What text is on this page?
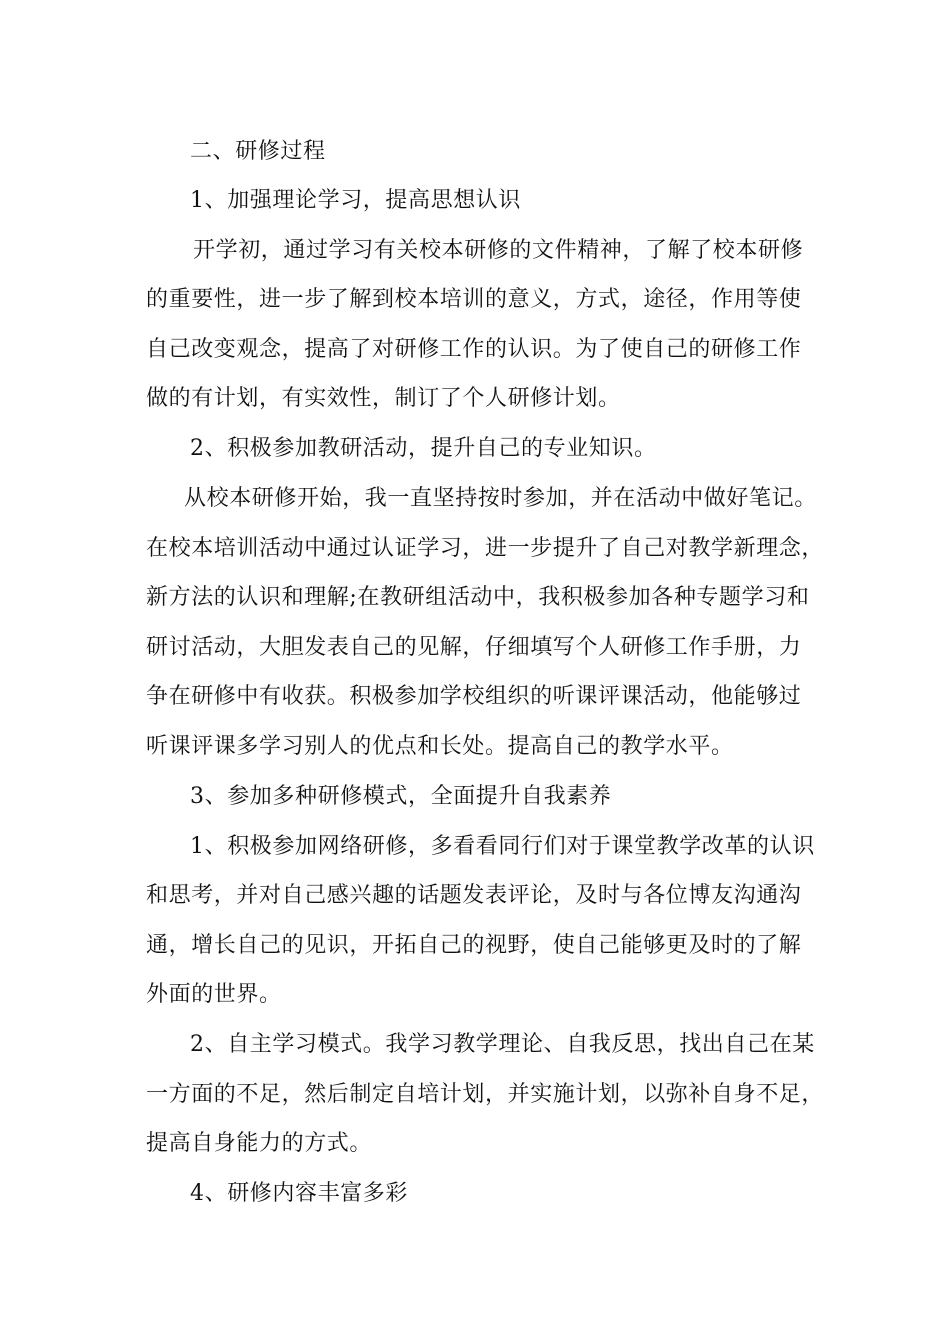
二、研修过程
1、加强理论学习，提高思想认识
开学初，通过学习有关校本研修的文件精神，了解了校本研修
的重要性，进一步了解到校本培训的意义，方式，途径，作用等使
自己改变观念，提高了对研修工作的认识。为了使自己的研修工作
做的有计划，有实效性，制订了个人研修计划。
2、积极参加教研活动，提升自己的专业知识。
从校本研修开始，我一直坚持按时参加，并在活动中做好笔记。
在校本培训活动中通过认证学习，进一步提升了自己对教学新理念，
新方法的认识和理解;在教研组活动中，我积极参加各种专题学习和
研讨活动，大胆发表自己的见解，仔细填写个人研修工作手册，力
争在研修中有收获。积极参加学校组织的听课评课活动，他能够过
听课评课多学习别人的优点和长处。提高自己的教学水平。
3、参加多种研修模式，全面提升自我素养
1、积极参加网络研修，多看看同行们对于课堂教学改革的认识
和思考，并对自己感兴趣的话题发表评论，及时与各位博友沟通沟
通，增长自己的见识，开拓自己的视野，使自己能够更及时的了解
外面的世界。
2、自主学习模式。我学习教学理论、自我反思，找出自己在某
一方面的不足，然后制定自培计划，并实施计划，以弥补自身不足，
提高自身能力的方式。
4、研修内容丰富多彩
